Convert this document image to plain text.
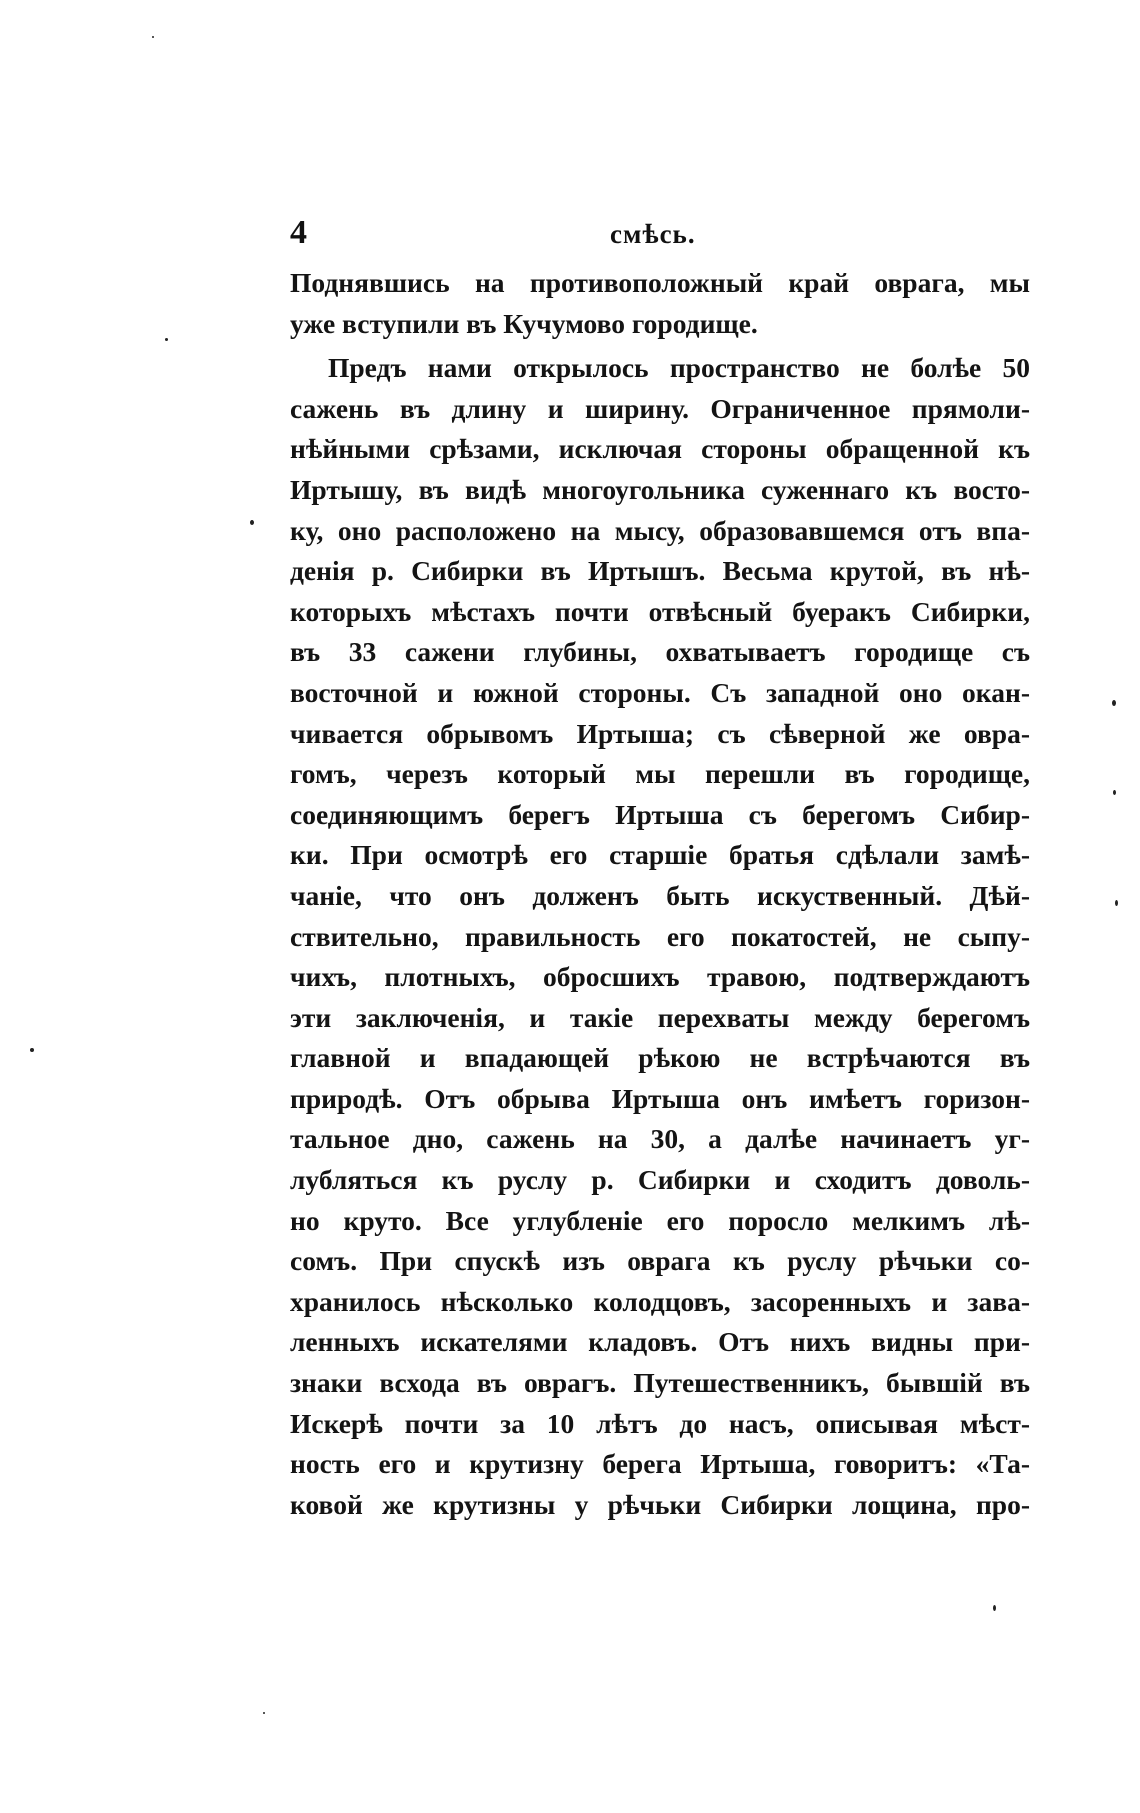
4	смѣсь.
Поднявшись на противоположный край оврага, мы
уже вступили въ Кучумово городище.
Предъ нами открылось пространство не болѣе 50
сажень въ длину и ширину. Ограниченное прямоли-
нѣйными срѣзами, исключая стороны обращенной къ
Иртышу, въ видѣ многоугольника суженнаго къ восто-
ку, оно расположено на мысу, образовавшемся отъ впа-
денія р. Сибирки въ Иртышъ. Весьма крутой, въ нѣ-
которыхъ мѣстахъ почти отвѣсный буеракъ Сибирки,
въ 33 сажени глубины, охватываетъ городище съ
восточной и южной стороны. Съ западной оно окан-
чивается обрывомъ Иртыша; съ сѣверной же овра-
гомъ, черезъ который мы перешли въ городище,
соединяющимъ берегъ Иртыша съ берегомъ Сибир-
ки. При осмотрѣ его старшіе братья сдѣлали замѣ-
чаніе, что онъ долженъ быть искуственный. Дѣй-
ствительно, правильность его покатостей, не сыпу-
чихъ, плотныхъ, обросшихъ травою, подтверждаютъ
эти заключенія, и такіе перехваты между берегомъ
главной и впадающей рѣкою не встрѣчаются въ
природѣ. Отъ обрыва Иртыша онъ имѣетъ горизон-
тальное дно, сажень на 30, а далѣе начинаетъ уг-
лубляться къ руслу р. Сибирки и сходитъ доволь-
но круто. Все углубленіе его поросло мелкимъ лѣ-
сомъ. При спускѣ изъ оврага къ руслу рѣчьки со-
хранилось нѣсколько колодцовъ, засоренныхъ и зава-
ленныхъ искателями кладовъ. Отъ нихъ видны при-
знаки всхода въ оврагъ. Путешественникъ, бывшій въ
Искерѣ почти за 10 лѣтъ до насъ, описывая мѣст-
ность его и крутизну берега Иртыша, говоритъ: «Та-
ковой же крутизны у рѣчьки Сибирки лощина, про-
